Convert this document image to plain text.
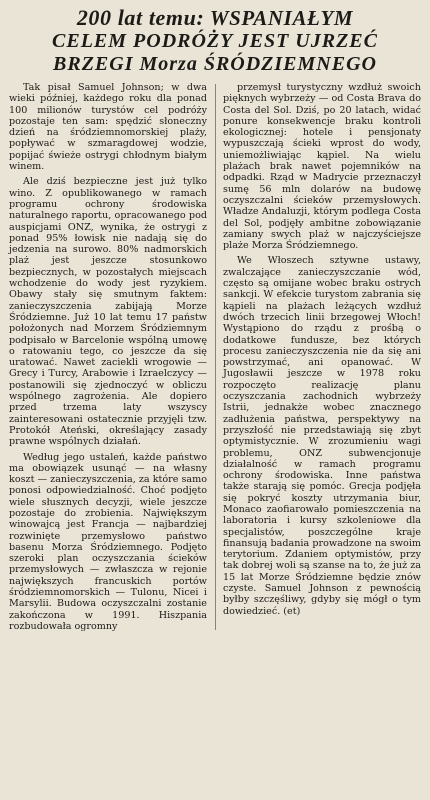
200 lat temu: WSPANIAŁYM
CELEM PODRÓŻY JEST UJRZEĆ
BRZEGI Morza ŚRÓDZIEMNEGO

Tak pisał Samuel Johnson; w dwa wieki później, każdego roku dla ponad 100 milionów turystów cel podróży pozostaje ten sam: spędzić słoneczny dzień na śródziemnomorskiej plaży, popływać w szmaragdowej wodzie, popijać świeże ostrygi chłodnym białym winem.

Ale dziś bezpieczne jest już tylko wino. Z opublikowanego w ramach programu ochrony środowiska naturalnego raportu, opracowanego pod auspicjami ONZ, wynika, że ostrygi z ponad 95% łowisk nie nadają się do jedzenia na surowo. 80% nadmorskich plaż jest jeszcze stosunkowo bezpiecznych, w pozostałych miejscach wchodzenie do wody jest ryzykiem. Obawy stały się smutnym faktem: zanieczyszczenia zabijają Morze Śródziemne. Już 10 lat temu 17 państw położonych nad Morzem Śródziemnym podpisało w Barcelonie wspólną umowę o ratowaniu tego, co jeszcze da się uratować. Nawet zaciekli wrogowie — Grecy i Turcy, Arabowie i Izraelczycy — postanowili się zjednoczyć w obliczu wspólnego zagrożenia. Ale dopiero przed trzema laty wszyscy zainteresowani ostatecznie przyjęli tzw. Protokół Ateński, określający zasady prawne wspólnych działań.

Według jego ustaleń, każde państwo ma obowiązek usunąć — na własny koszt — zanieczyszczenia, za które samo ponosi odpowiedzialność. Choć podjęto wiele słusznych decyzji, wiele jeszcze pozostaje do zrobienia. Największym winowajcą jest Francja — najbardziej rozwinięte przemysłowo państwo basenu Morza Śródziemnego. Podjęto szeroki plan oczyszczania ścieków przemysłowych — zwłaszcza w rejonie największych francuskich portów śródziemnomorskich — Tulonu, Nicei i Marsylii. Budowa oczyszczalni zostanie zakończona w 1991. Hiszpania rozbudowała ogromny

przemysł turystyczny wzdłuż swoich pięknych wybrzeży — od Costa Brava do Costa del Sol. Dziś, po 20 latach, widać ponure konsekwencje braku kontroli ekologicznej: hotele i pensjonaty wypuszczają ścieki wprost do wody, uniemożliwiając kąpiel. Na wielu plażach brak nawet pojemników na odpadki. Rząd w Madrycie przeznaczył sumę 56 mln dolarów na budowę oczyszczalni ścieków przemysłowych. Władze Andaluzji, którym podlega Costa del Sol, podjęły ambitne zobowiązanie zamiany swych plaż w najczyściejsze plaże Morza Śródziemnego.

We Włoszech sztywne ustawy, zwalczające zanieczyszczanie wód, często są omijane wobec braku ostrych sankcji. W efekcie turystom zabrania się kąpieli na plażach leżących wzdłuż dwóch trzecich linii brzegowej Włoch! Wystąpiono do rządu z prośbą o dodatkowe fundusze, bez których procesu zanieczyszczenia nie da się ani powstrzymać, ani opanować. W Jugosławii jeszcze w 1978 roku rozpoczęto realizację planu oczyszczania zachodnich wybrzeży Istrii, jednakże wobec znacznego zadłużenia państwa, perspektywy na przyszłość nie przedstawiają się zbyt optymistycznie. W zrozumieniu wagi problemu, ONZ subwencjonuje działalność w ramach programu ochrony środowiska. Inne państwa także starają się pomóc. Grecja podjęła się pokryć koszty utrzymania biur, Monaco zaofiarowało pomieszczenia na laboratoria i kursy szkoleniowe dla specjalistów, poszczególne kraje finansują badania prowadzone na swoim terytorium. Zdaniem optymistów, przy tak dobrej woli są szanse na to, że już za 15 lat Morze Śródziemne będzie znów czyste. Samuel Johnson z pewnością byłby szczęśliwy, gdyby się mógł o tym dowiedzieć. (et)
